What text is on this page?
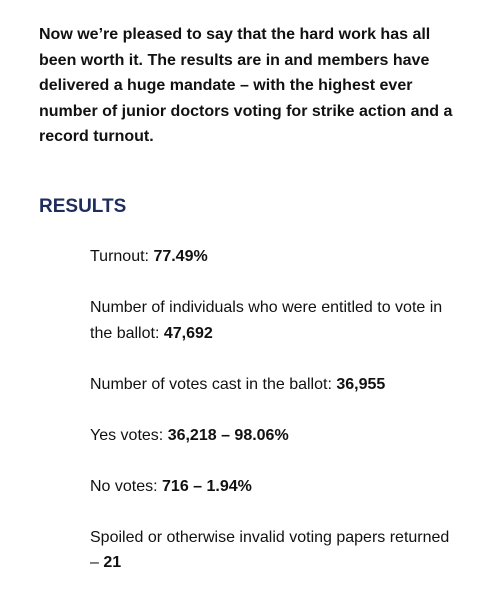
Now we’re pleased to say that the hard work has all been worth it. The results are in and members have delivered a huge mandate – with the highest ever number of junior doctors voting for strike action and a record turnout.

RESULTS
Turnout: 77.49%
Number of individuals who were entitled to vote in the ballot: 47,692
Number of votes cast in the ballot: 36,955
Yes votes: 36,218 – 98.06%
No votes: 716 – 1.94%
Spoiled or otherwise invalid voting papers returned – 21
